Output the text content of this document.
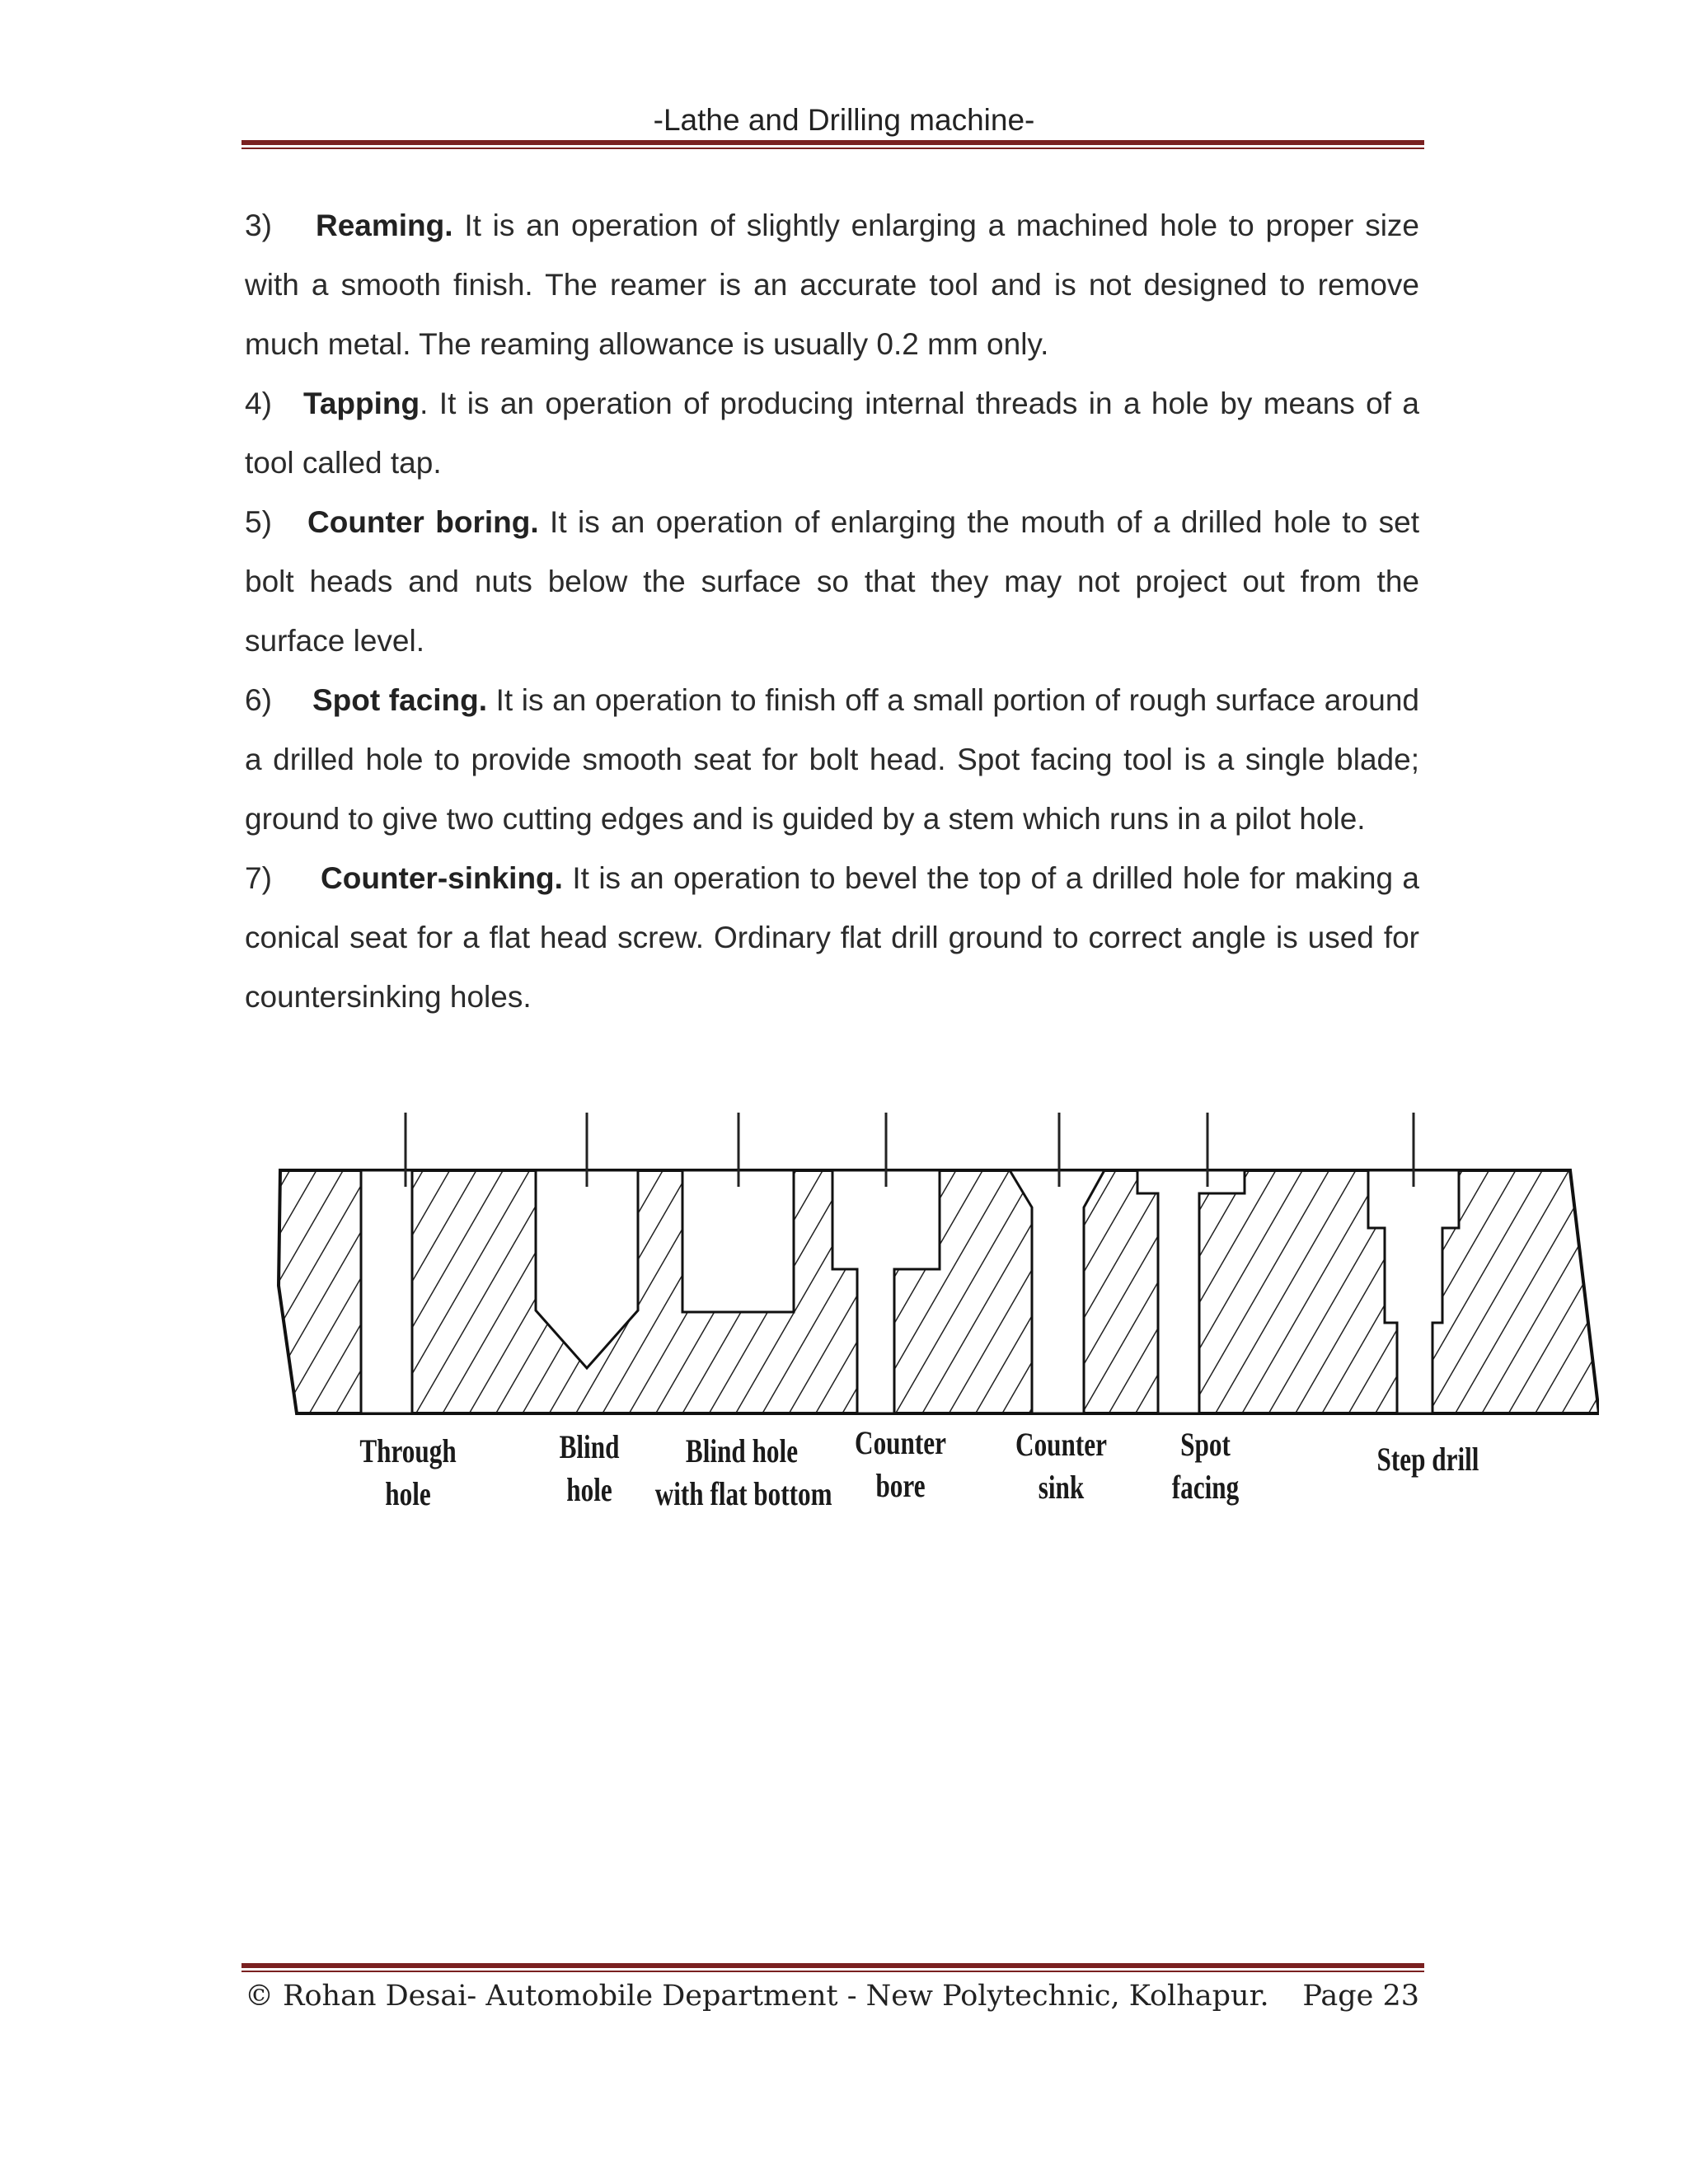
-Lathe and Drilling machine-

3) Reaming. It is an operation of slightly enlarging a machined hole to proper size with a smooth finish. The reamer is an accurate tool and is not designed to remove much metal. The reaming allowance is usually 0.2 mm only.

4) Tapping. It is an operation of producing internal threads in a hole by means of a tool called tap.

5) Counter boring. It is an operation of enlarging the mouth of a drilled hole to set bolt heads and nuts below the surface so that they may not project out from the surface level.

6) Spot facing. It is an operation to finish off a small portion of rough surface around a drilled hole to provide smooth seat for bolt head. Spot facing tool is a single blade; ground to give two cutting edges and is guided by a stem which runs in a pilot hole.

7) Counter-sinking. It is an operation to bevel the top of a drilled hole for making a conical seat for a flat head screw. Ordinary flat drill ground to correct angle is used for countersinking holes.

Through
hole
Blind
hole
Blind hole
with flat bottom
Counter
bore
Counter
sink
Spot
facing
Step drill
© Rohan Desai- Automobile Department - New Polytechnic, Kolhapur. Page 23
